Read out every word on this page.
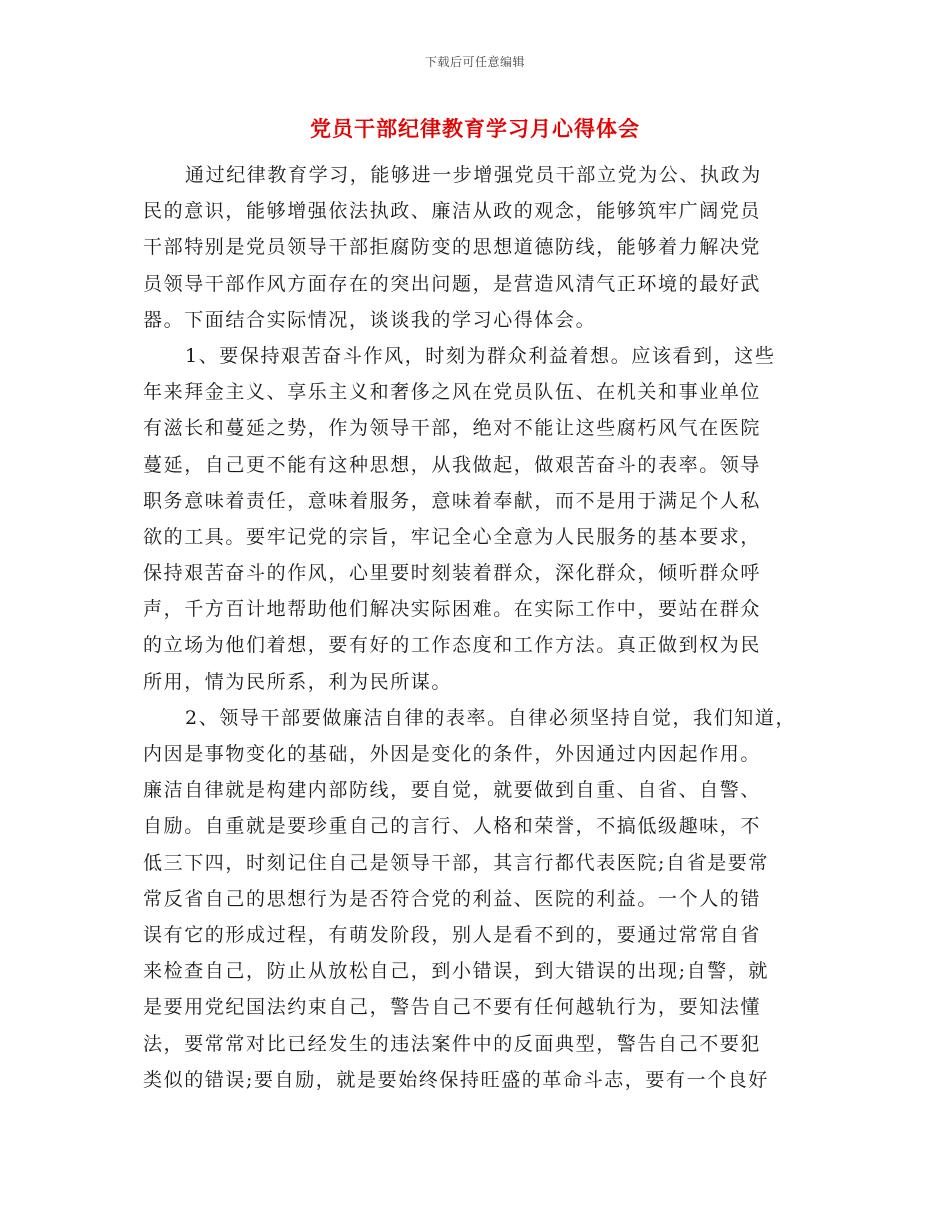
下载后可任意编辑
党员干部纪律教育学习月心得体会
通过纪律教育学习，能够进一步增强党员干部立党为公、执政为
民的意识，能够增强依法执政、廉洁从政的观念，能够筑牢广阔党员
干部特别是党员领导干部拒腐防变的思想道德防线，能够着力解决党
员领导干部作风方面存在的突出问题，是营造风清气正环境的最好武
器。下面结合实际情况，谈谈我的学习心得体会。
1、要保持艰苦奋斗作风，时刻为群众利益着想。应该看到，这些
年来拜金主义、享乐主义和奢侈之风在党员队伍、在机关和事业单位
有滋长和蔓延之势，作为领导干部，绝对不能让这些腐朽风气在医院
蔓延，自己更不能有这种思想，从我做起，做艰苦奋斗的表率。领导
职务意味着责任，意味着服务，意味着奉献，而不是用于满足个人私
欲的工具。要牢记党的宗旨，牢记全心全意为人民服务的基本要求，
保持艰苦奋斗的作风，心里要时刻装着群众，深化群众，倾听群众呼
声，千方百计地帮助他们解决实际困难。在实际工作中，要站在群众
的立场为他们着想，要有好的工作态度和工作方法。真正做到权为民
所用，情为民所系，利为民所谋。
2、领导干部要做廉洁自律的表率。自律必须坚持自觉，我们知道，
内因是事物变化的基础，外因是变化的条件，外因通过内因起作用。
廉洁自律就是构建内部防线，要自觉，就要做到自重、自省、自警、
自励。自重就是要珍重自己的言行、人格和荣誉，不搞低级趣味，不
低三下四，时刻记住自己是领导干部，其言行都代表医院;自省是要常
常反省自己的思想行为是否符合党的利益、医院的利益。一个人的错
误有它的形成过程，有萌发阶段，别人是看不到的，要通过常常自省
来检查自己，防止从放松自己，到小错误，到大错误的出现;自警，就
是要用党纪国法约束自己，警告自己不要有任何越轨行为，要知法懂
法，要常常对比已经发生的违法案件中的反面典型，警告自己不要犯
类似的错误;要自励，就是要始终保持旺盛的革命斗志，要有一个良好
